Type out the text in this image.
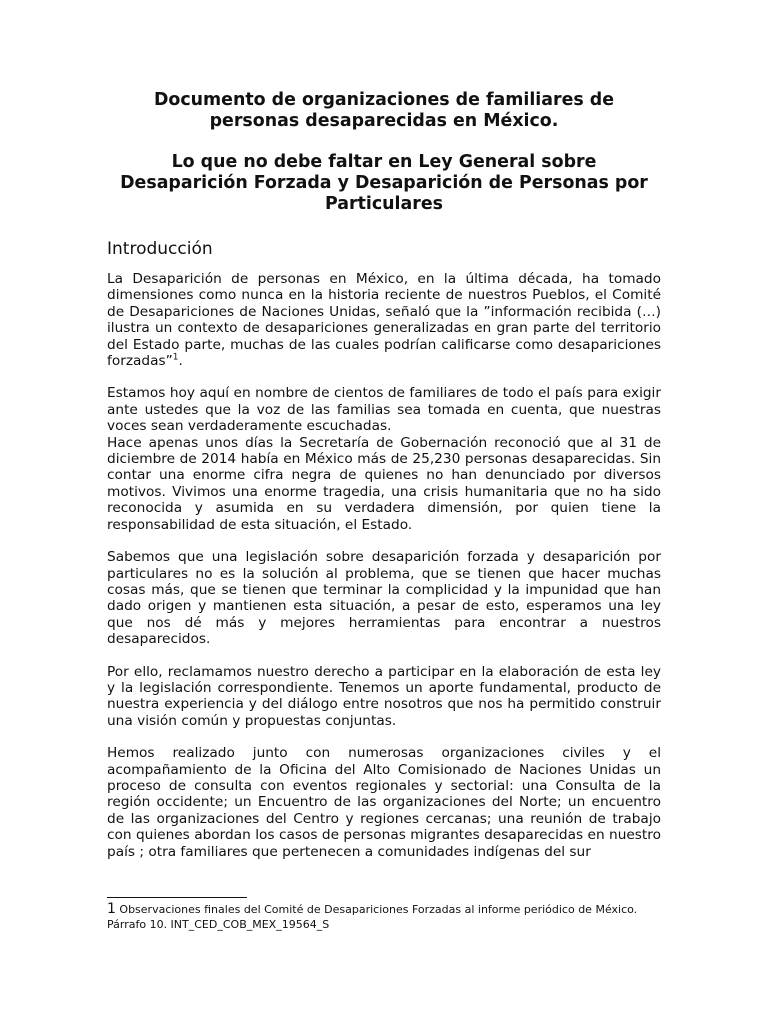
Documento de organizaciones de familiares de personas desaparecidas en México.

Lo que no debe faltar en Ley General sobre Desaparición Forzada y Desaparición de Personas por Particulares

Introducción

La Desaparición de personas en México, en la última década, ha tomado dimensiones como nunca en la historia reciente de nuestros Pueblos, el Comité de Desapariciones de Naciones Unidas, señaló que la ”información recibida (…) ilustra un contexto de desapariciones generalizadas en gran parte del territorio del Estado parte, muchas de las cuales podrían calificarse como desapariciones forzadas”$^1$.

Estamos hoy aquí en nombre de cientos de familiares de todo el país para exigir ante ustedes que la voz de las familias sea tomada en cuenta, que nuestras voces sean verdaderamente escuchadas.

Hace apenas unos días la Secretaría de Gobernación reconoció que al 31 de diciembre de 2014 había en México más de 25,230 personas desaparecidas. Sin contar una enorme cifra negra de quienes no han denunciado por diversos motivos. Vivimos una enorme tragedia, una crisis humanitaria que no ha sido reconocida y asumida en su verdadera dimensión, por quien tiene la responsabilidad de esta situación, el Estado.

Sabemos que una legislación sobre desaparición forzada y desaparición por particulares no es la solución al problema, que se tienen que hacer muchas cosas más, que se tienen que terminar la complicidad y la impunidad que han dado origen y mantienen esta situación, a pesar de esto, esperamos una ley que nos dé más y mejores herramientas para encontrar a nuestros desaparecidos.

Por ello, reclamamos nuestro derecho a participar en la elaboración de esta ley y la legislación correspondiente. Tenemos un aporte fundamental, producto de nuestra experiencia y del diálogo entre nosotros que nos ha permitido construir una visión común y propuestas conjuntas.

Hemos realizado junto con numerosas organizaciones civiles y el acompañamiento de la Oficina del Alto Comisionado de Naciones Unidas un proceso de consulta con eventos regionales y sectorial: una Consulta de la región occidente; un Encuentro de las organizaciones del Norte; un encuentro de las organizaciones del Centro y regiones cercanas; una reunión de trabajo con quienes abordan los casos de personas migrantes desaparecidas en nuestro país ; otra familiares que pertenecen a comunidades indígenas del sur

1 Observaciones finales del Comité de Desapariciones Forzadas al informe periódico de México.
Párrafo 10. INT_CED_COB_MEX_19564_S
